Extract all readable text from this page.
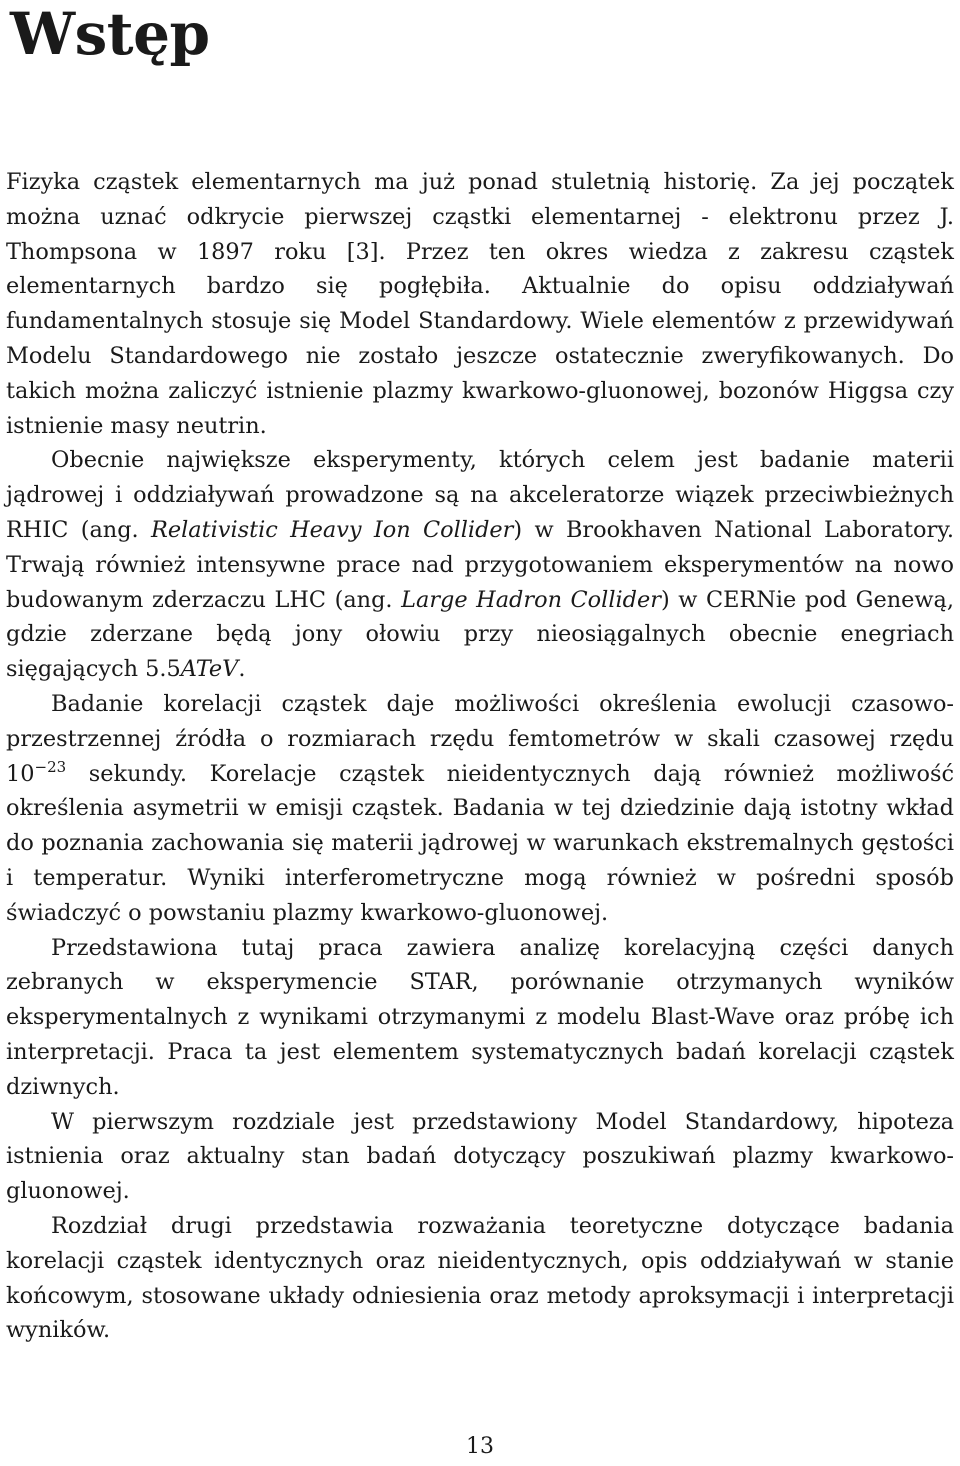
Wstęp

Fizyka cząstek elementarnych ma już ponad stuletnią historię. Za jej początek można uznać odkrycie pierwszej cząstki elementarnej - elektronu przez J. Thompsona w 1897 roku [3]. Przez ten okres wiedza z zakresu cząstek elementarnych bardzo się pogłębiła. Aktualnie do opisu oddziaływań fundamentalnych stosuje się Model Standardowy. Wiele elementów z przewidywań Modelu Standardowego nie zostało jeszcze ostatecznie zweryfikowanych. Do takich można zaliczyć istnienie plazmy kwarkowo-gluonowej, bozonów Higgsa czy istnienie masy neutrin.

Obecnie największe eksperymenty, których celem jest badanie materii jądrowej i oddziaływań prowadzone są na akceleratorze wiązek przeciwbieżnych RHIC (ang. Relativistic Heavy Ion Collider) w Brookhaven National Laboratory. Trwają również intensywne prace nad przygotowaniem eksperymentów na nowo budowanym zderzaczu LHC (ang. Large Hadron Collider) w CERNie pod Genewą, gdzie zderzane będą jony ołowiu przy nieosiągalnych obecnie enegriach sięgających 5.5ATeV.

Badanie korelacji cząstek daje możliwości określenia ewolucji czasowo-przestrzennej źródła o rozmiarach rzędu femtometrów w skali czasowej rzędu $10^{-23}$ sekundy. Korelacje cząstek nieidentycznych dają również możliwość określenia asymetrii w emisji cząstek. Badania w tej dziedzinie dają istotny wkład do poznania zachowania się materii jądrowej w warunkach ekstremalnych gęstości i temperatur. Wyniki interferometryczne mogą również w pośredni sposób świadczyć o powstaniu plazmy kwarkowo-gluonowej.

Przedstawiona tutaj praca zawiera analizę korelacyjną części danych zebranych w eksperymencie STAR, porównanie otrzymanych wyników eksperymentalnych z wynikami otrzymanymi z modelu Blast-Wave oraz próbę ich interpretacji. Praca ta jest elementem systematycznych badań korelacji cząstek dziwnych.

W pierwszym rozdziale jest przedstawiony Model Standardowy, hipoteza istnienia oraz aktualny stan badań dotyczący poszukiwań plazmy kwarkowo-gluonowej.

Rozdział drugi przedstawia rozważania teoretyczne dotyczące badania korelacji cząstek identycznych oraz nieidentycznych, opis oddziaływań w stanie końcowym, stosowane układy odniesienia oraz metody aproksymacji i interpretacji wyników.

13
